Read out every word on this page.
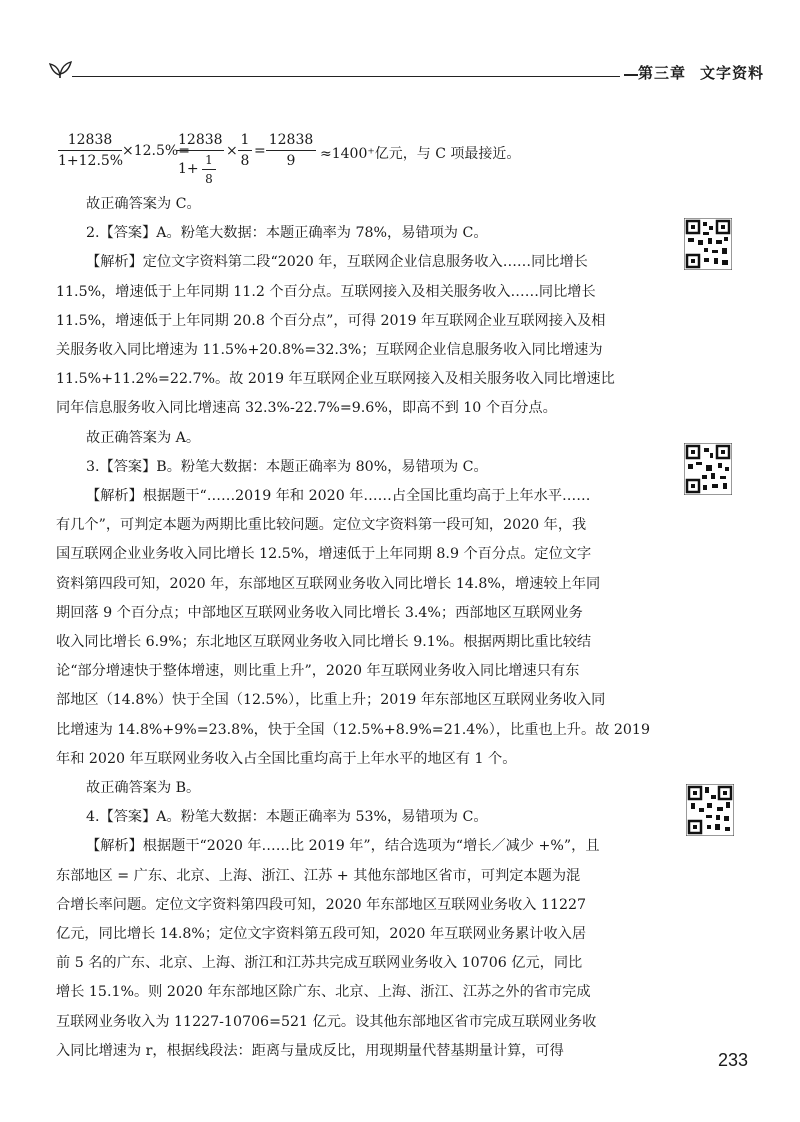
第三章 文字资料
12838
1+12.5%
×12.5%=
12838
1+
1
8
×
1
8
=
12838
9	≈1400⁺亿元，与 C 项最接近。

故正确答案为 C。

2.【答案】A。粉笔大数据：本题正确率为 78%，易错项为 C。

【解析】定位文字资料第二段“2020 年，互联网企业信息服务收入……同比增长

11.5%，增速低于上年同期 11.2 个百分点。互联网接入及相关服务收入……同比增长

11.5%，增速低于上年同期 20.8 个百分点”，可得 2019 年互联网企业互联网接入及相

关服务收入同比增速为 11.5%+20.8%=32.3%；互联网企业信息服务收入同比增速为

11.5%+11.2%=22.7%。故 2019 年互联网企业互联网接入及相关服务收入同比增速比

同年信息服务收入同比增速高 32.3%-22.7%=9.6%，即高不到 10 个百分点。

故正确答案为 A。

3.【答案】B。粉笔大数据：本题正确率为 80%，易错项为 C。

【解析】根据题干“……2019 年和 2020 年……占全国比重均高于上年水平……

有几个”，可判定本题为两期比重比较问题。定位文字资料第一段可知，2020 年，我

国互联网企业业务收入同比增长 12.5%，增速低于上年同期 8.9 个百分点。定位文字

资料第四段可知，2020 年，东部地区互联网业务收入同比增长 14.8%，增速较上年同

期回落 9 个百分点；中部地区互联网业务收入同比增长 3.4%；西部地区互联网业务

收入同比增长 6.9%；东北地区互联网业务收入同比增长 9.1%。根据两期比重比较结

论“部分增速快于整体增速，则比重上升”，2020 年互联网业务收入同比增速只有东

部地区（14.8%）快于全国（12.5%），比重上升；2019 年东部地区互联网业务收入同

比增速为 14.8%+9%=23.8%，快于全国（12.5%+8.9%=21.4%），比重也上升。故 2019

年和 2020 年互联网业务收入占全国比重均高于上年水平的地区有 1 个。

故正确答案为 B。

4.【答案】A。粉笔大数据：本题正确率为 53%，易错项为 C。

【解析】根据题干“2020 年……比 2019 年”，结合选项为“增长／减少 +%”，且

东部地区 = 广东、北京、上海、浙江、江苏 + 其他东部地区省市，可判定本题为混

合增长率问题。定位文字资料第四段可知，2020 年东部地区互联网业务收入 11227

亿元，同比增长 14.8%；定位文字资料第五段可知，2020 年互联网业务累计收入居

前 5 名的广东、北京、上海、浙江和江苏共完成互联网业务收入 10706 亿元，同比

增长 15.1%。则 2020 年东部地区除广东、北京、上海、浙江、江苏之外的省市完成

互联网业务收入为 11227-10706=521 亿元。设其他东部地区省市完成互联网业务收

入同比增速为 r，根据线段法：距离与量成反比，用现期量代替基期量计算，可得	233
